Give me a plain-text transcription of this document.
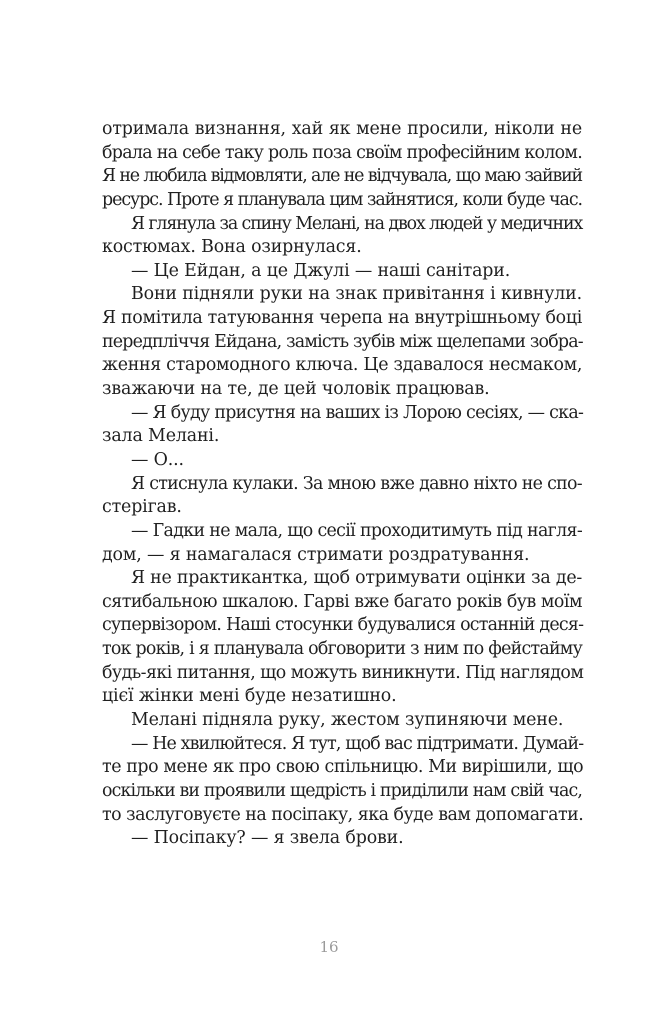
отримала визнання, хай як мене просили, ніколи не
брала на себе таку роль поза своїм професійним колом.
Я не любила відмовляти, але не відчувала, що маю зайвий
ресурс. Проте я планувала цим зайнятися, коли буде час.
Я глянула за спину Мелані, на двох людей у медичних
костюмах. Вона озирнулася.
— Це Ейдан, а це Джулі — наші санітари.
Вони підняли руки на знак привітання і кивнули.
Я помітила татуювання черепа на внутрішньому боці
передпліччя Ейдана, замість зубів між щелепами зобра-
ження старомодного ключа. Це здавалося несмаком,
зважаючи на те, де цей чоловік працював.
— Я буду присутня на ваших із Лорою сесіях, — ска-
зала Мелані.
— О...
Я стиснула кулаки. За мною вже давно ніхто не спо-
стерігав.
— Гадки не мала, що сесії проходитимуть під нагля-
дом, — я намагалася стримати роздратування.
Я не практикантка, щоб отримувати оцінки за де-
сятибальною шкалою. Гарві вже багато років був моїм
супервізором. Наші стосунки будувалися останній деся-
ток років, і я планувала обговорити з ним по фейстайму
будь-які питання, що можуть виникнути. Під наглядом
цієї жінки мені буде незатишно.
Мелані підняла руку, жестом зупиняючи мене.
— Не хвилюйтеся. Я тут, щоб вас підтримати. Думай-
те про мене як про свою спільницю. Ми вирішили, що
оскільки ви проявили щедрість і приділили нам свій час,
то заслуговуєте на посіпаку, яка буде вам допомагати.
— Посіпаку? — я звела брови.
16
